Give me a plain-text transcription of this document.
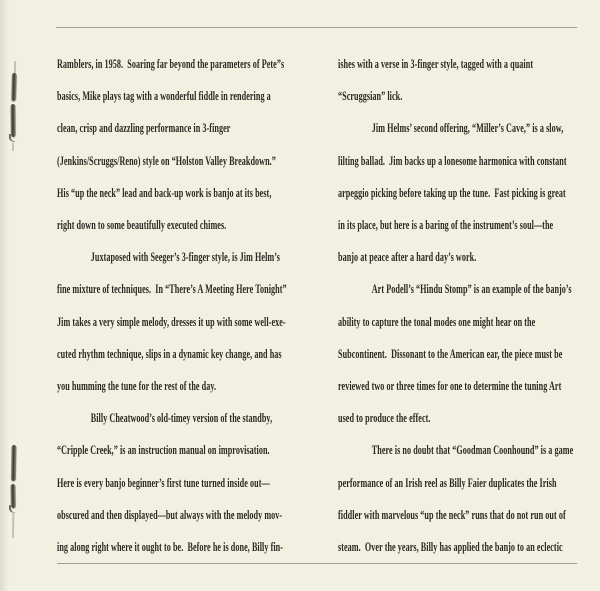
Ramblers, in 1958.  Soaring far beyond the parameters of Pete”s
basics, Mike plays tag with a wonderful fiddle in rendering a
clean, crisp and dazzling performance in 3-finger
(Jenkins/Scruggs/Reno) style on “Holston Valley Breakdown.”
His “up the neck” lead and back-up work is banjo at its best,
right down to some beautifully executed chimes.
Juxtaposed with Seeger’s 3-finger style, is Jim Helm’s
fine mixture of techniques.  In “There’s A Meeting Here Tonight”
Jim takes a very simple melody, dresses it up with some well-exe-
cuted rhythm technique, slips in a dynamic key change, and has
you humming the tune for the rest of the day.
Billy Cheatwood’s old-timey version of the standby,
“Cripple Creek,” is an instruction manual on improvisation.
Here is every banjo beginner’s first tune turned inside out—
obscured and then displayed—but always with the melody mov-
ing along right where it ought to be.  Before he is done, Billy fin-
ishes with a verse in 3-finger style, tagged with a quaint
“Scruggsian” lick.
Jim Helms’ second offering, “Miller’s Cave,” is a slow,
lilting ballad.  Jim backs up a lonesome harmonica with constant
arpeggio picking before taking up the tune.  Fast picking is great
in its place, but here is a baring of the instrument’s soul—the
banjo at peace after a hard day’s work.
Art Podell’s “Hindu Stomp” is an example of the banjo’s
ability to capture the tonal modes one might hear on the
Subcontinent.  Dissonant to the American ear, the piece must be
reviewed two or three times for one to determine the tuning Art
used to produce the effect.
There is no doubt that “Goodman Coonhound” is a game
performance of an Irish reel as Billy Faier duplicates the Irish
fiddler with marvelous “up the neck” runs that do not run out of
steam.  Over the years, Billy has applied the banjo to an eclectic
